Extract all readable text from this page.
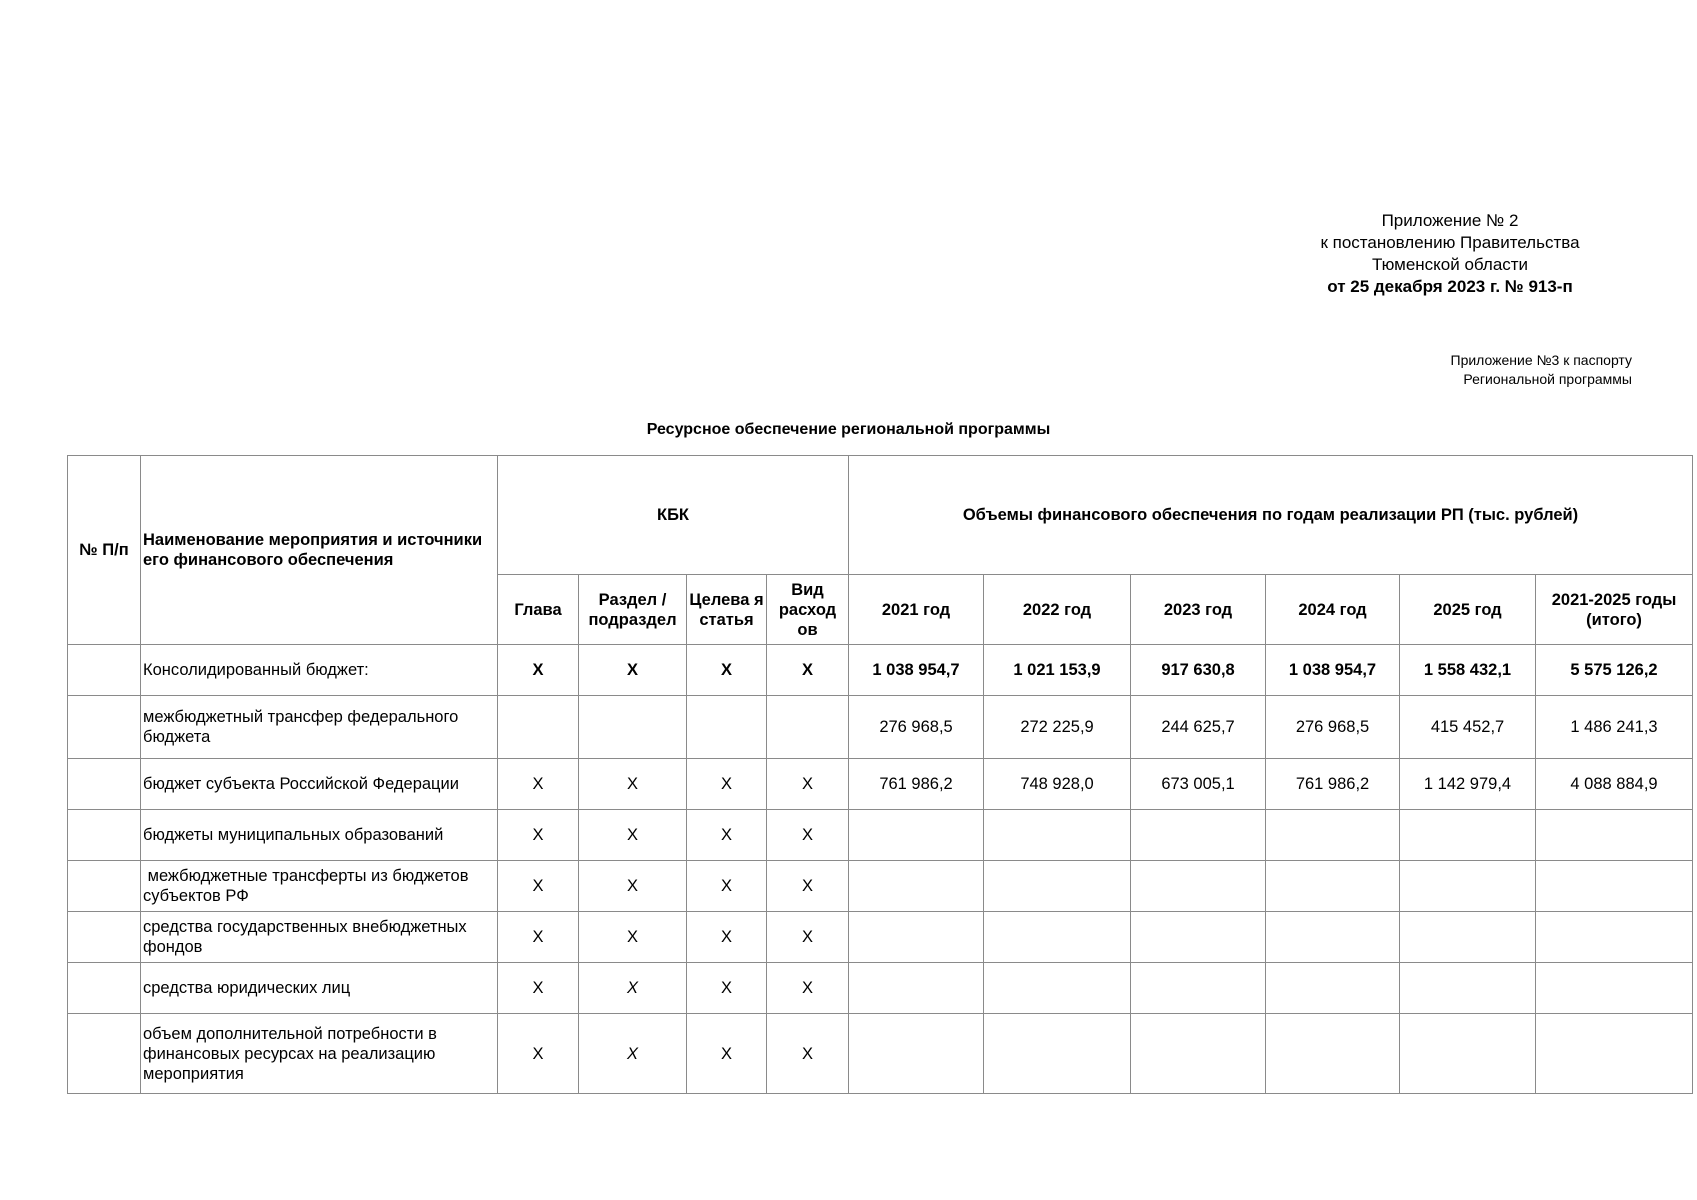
Приложение № 2
к постановлению Правительства
Тюменской области
от 25 декабря 2023 г. № 913-п
Приложение №3 к паспорту
Региональной программы
Ресурсное обеспечение региональной программы
№ П/п	Наименование мероприятия и источники его финансового обеспечения	КБК				Объемы финансового обеспечения по годам реализации РП (тыс. рублей)					
		Глава	Раздел / подраздел	Целева я статья	Вид расход ов	2021 год	2022 год	2023 год	2024 год	2025 год	2021-2025 годы (итого)
	Консолидированный бюджет:	X	X	X	X	1 038 954,7	1 021 153,9	917 630,8	1 038 954,7	1 558 432,1	5 575 126,2
	межбюджетный трансфер федерального бюджета					276 968,5	272 225,9	244 625,7	276 968,5	415 452,7	1 486 241,3
	бюджет субъекта Российской Федерации	X	X	X	X	761 986,2	748 928,0	673 005,1	761 986,2	1 142 979,4	4 088 884,9
	бюджеты муниципальных образований	X	X	X	X						
	межбюджетные трансферты из бюджетов субъектов РФ	X	X	X	X						
	средства государственных внебюджетных фондов	X	X	X	X						
	средства юридических лиц	X	X	X	X						
	объем дополнительной потребности в финансовых ресурсах на реализацию мероприятия	X	X	X	X						
